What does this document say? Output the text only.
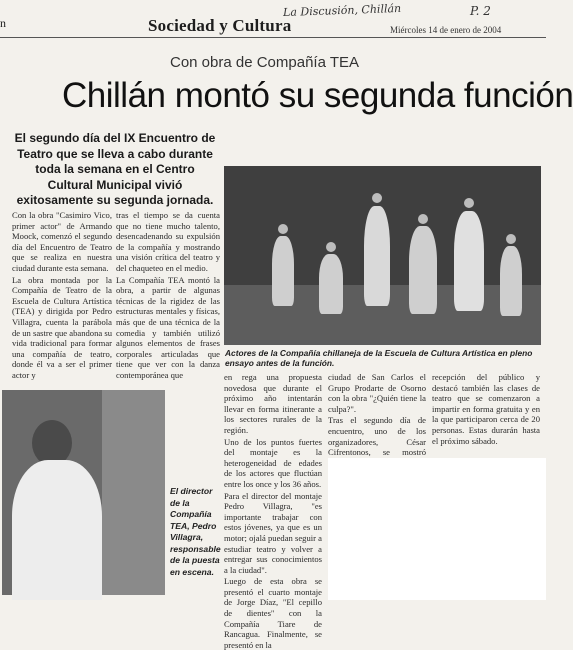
n	Sociedad y Cultura
La Discusión, Chillán	P. 2
Miércoles 14 de enero de 2004
Con obra de Compañía TEA
Chillán montó su segunda función
El segundo día del IX Encuentro de Teatro que se lleva a cabo durante toda la semana en el Centro Cultural Municipal vivió exitosamente su segunda jornada.

Con la obra "Casimiro Vico, primer actor" de Armando Moock, comenzó el segundo día del Encuentro de Teatro que se realiza en nuestra ciudad durante esta semana.

La obra montada por la Compañía de Teatro de la Escuela de Cultura Artística (TEA) y dirigida por Pedro Villagra, cuenta la parábola de un sastre que abandona su vida tradicional para formar una compañía de teatro, donde él va a ser el primer actor y

tras el tiempo se da cuenta que no tiene mucho talento, desencadenando su expulsión de la compañía y mostrando una visión crítica del teatro y del chaqueteo en el medio.

La Compañía TEA montó la obra, a partir de algunas técnicas de la rigidez de las estructuras mentales y físicas, más que de una técnica de la comedia y también utilizó algunos elementos de frases corporales articuladas que tiene que ver con la danza contemporánea que

Actores de la Compañía chillaneja de la Escuela de Cultura Artística en pleno ensayo antes de la función.

en rega una propuesta novedosa que durante el próximo año intentarán llevar en forma itinerante a los sectores rurales de la región.

Uno de los puntos fuertes del montaje es la heterogeneidad de edades de los actores que fluctúan entre los once y los 36 años.

Para el director del montaje Pedro Villagra, "es importante trabajar con estos jóvenes, ya que es un motor; ojalá puedan seguir a estudiar teatro y volver a entregar sus conocimientos a la ciudad".

Luego de esta obra se presentó el cuarto montaje de Jorge Díaz, "El cepillo de dientes" con la Compañía Tiare de Rancagua. Finalmente, se presentó en la

ciudad de San Carlos el Grupo Prodarte de Osorno con la obra "¿Quién tiene la culpa?".

Tras el segundo día de encuentro, uno de los organizadores, César Cifrentonos, se mostró

recepción del público y destacó también las clases de teatro que se comenzaron a impartir en forma gratuita y en la que participaron cerca de 20 personas. Estas durarán hasta el próximo sábado.

El director de la Compañía TEA, Pedro Villagra, responsable de la puesta en escena.
